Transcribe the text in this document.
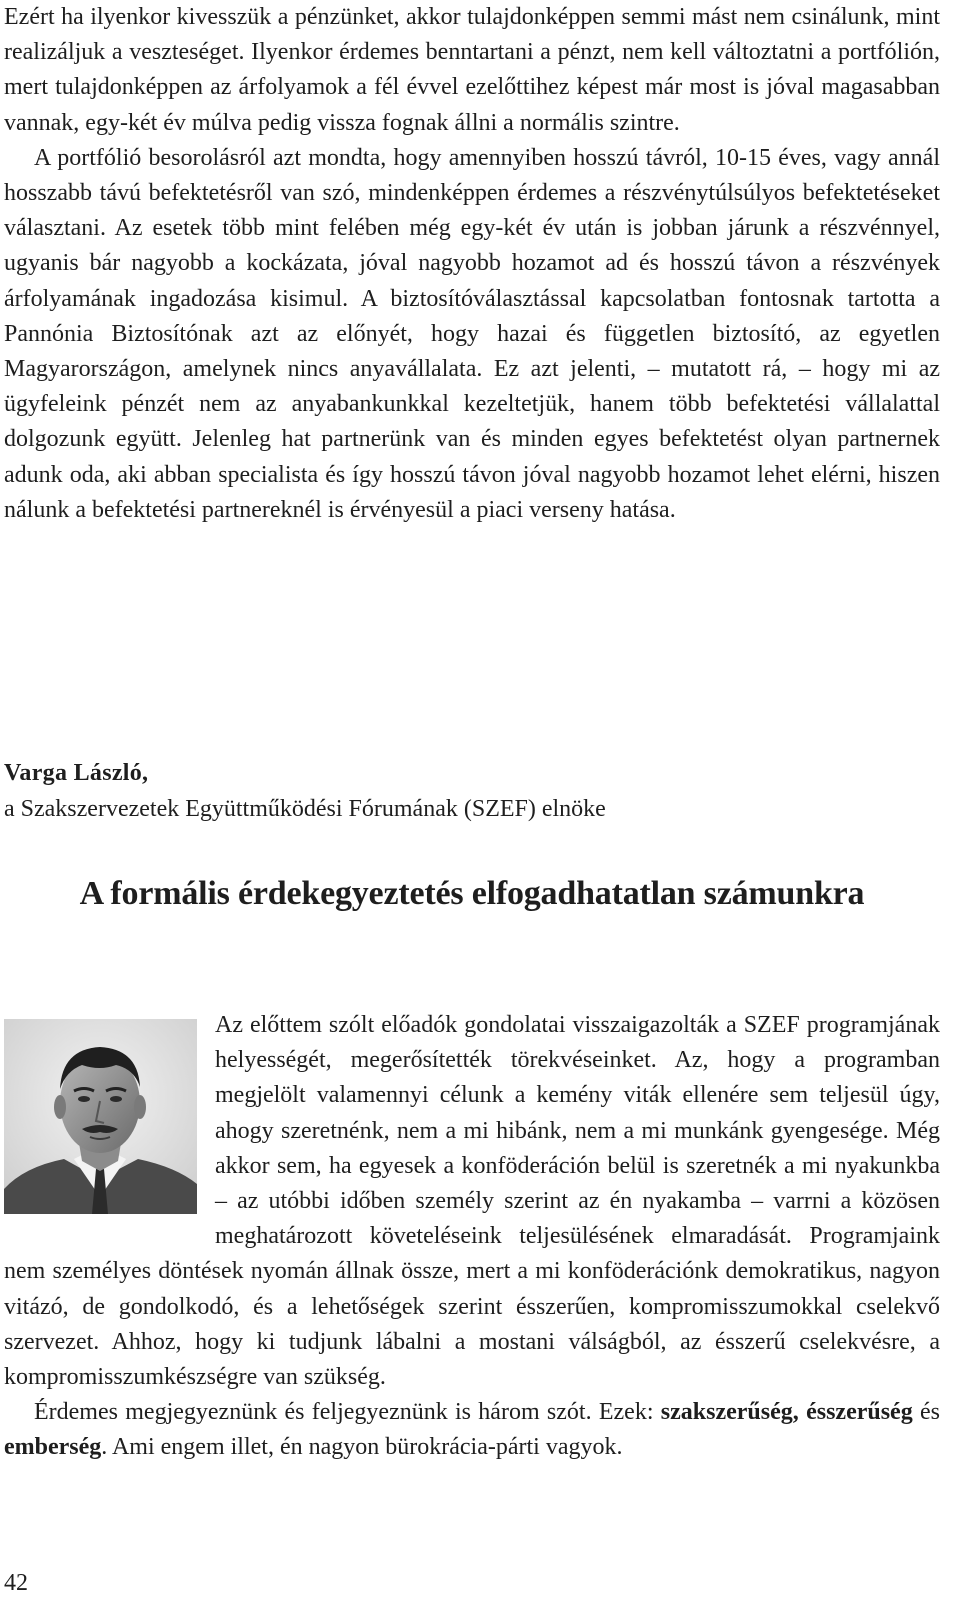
Ezért ha ilyenkor kivesszük a pénzünket, akkor tulajdonképpen semmi mást nem csinálunk, mint realizáljuk a veszteséget. Ilyenkor érdemes benntartani a pénzt, nem kell változtatni a portfólión, mert tulajdonképpen az árfolyamok a fél évvel ezelőttihez képest már most is jóval magasabban vannak, egy-két év múlva pedig vissza fognak állni a normális szintre.

A portfólió besorolásról azt mondta, hogy amennyiben hosszú távról, 10-15 éves, vagy annál hosszabb távú befektetésről van szó, mindenképpen érdemes a részvénytúlsúlyos befektetéseket választani. Az esetek több mint felében még egy-két év után is jobban járunk a részvénnyel, ugyanis bár nagyobb a kockázata, jóval nagyobb hozamot ad és hosszú távon a részvények árfolyamának ingadozása kisimul. A biztosítóválasztással kapcsolatban fontosnak tartotta a Pannónia Biztosítónak azt az előnyét, hogy hazai és független biztosító, az egyetlen Magyarországon, amelynek nincs anyavállalata. Ez azt jelenti, – mutatott rá, – hogy mi az ügyfeleink pénzét nem az anyabankunkkal kezeltetjük, hanem több befektetési vállalattal dolgozunk együtt. Jelenleg hat partnerünk van és minden egyes befektetést olyan partnernek adunk oda, aki abban specialista és így hosszú távon jóval nagyobb hozamot lehet elérni, hiszen nálunk a befektetési partnereknél is érvényesül a piaci verseny hatása.

Varga László,
a Szakszervezetek Együttműködési Fórumának (SZEF) elnöke
A formális érdekegyeztetés elfogadhatatlan számunkra

Az előttem szólt előadók gondolatai visszaigazolták a SZEF programjának helyességét, megerősítették törekvéseinket. Az, hogy a programban megjelölt valamennyi célunk a kemény viták ellenére sem teljesül úgy, ahogy szeretnénk, nem a mi hibánk, nem a mi munkánk gyengesége. Még akkor sem, ha egyesek a konföderáción belül is szeretnék a mi nyakunkba – az utóbbi időben személy szerint az én nyakamba – varrni a közösen meghatározott követeléseink teljesülésének elmaradását. Programjaink nem személyes döntések nyomán állnak össze, mert a mi konföderációnk demokratikus, nagyon vitázó, de gondolkodó, és a lehetőségek szerint ésszerűen, kompromisszumokkal cselekvő szervezet. Ahhoz, hogy ki tudjunk lábalni a mostani válságból, az ésszerű cselekvésre, a kompromisszumkészségre van szükség.

Érdemes megjegyeznünk és feljegyeznünk is három szót. Ezek: szakszerűség, ésszerűség és emberség. Ami engem illet, én nagyon bürokrácia-párti vagyok.

42
